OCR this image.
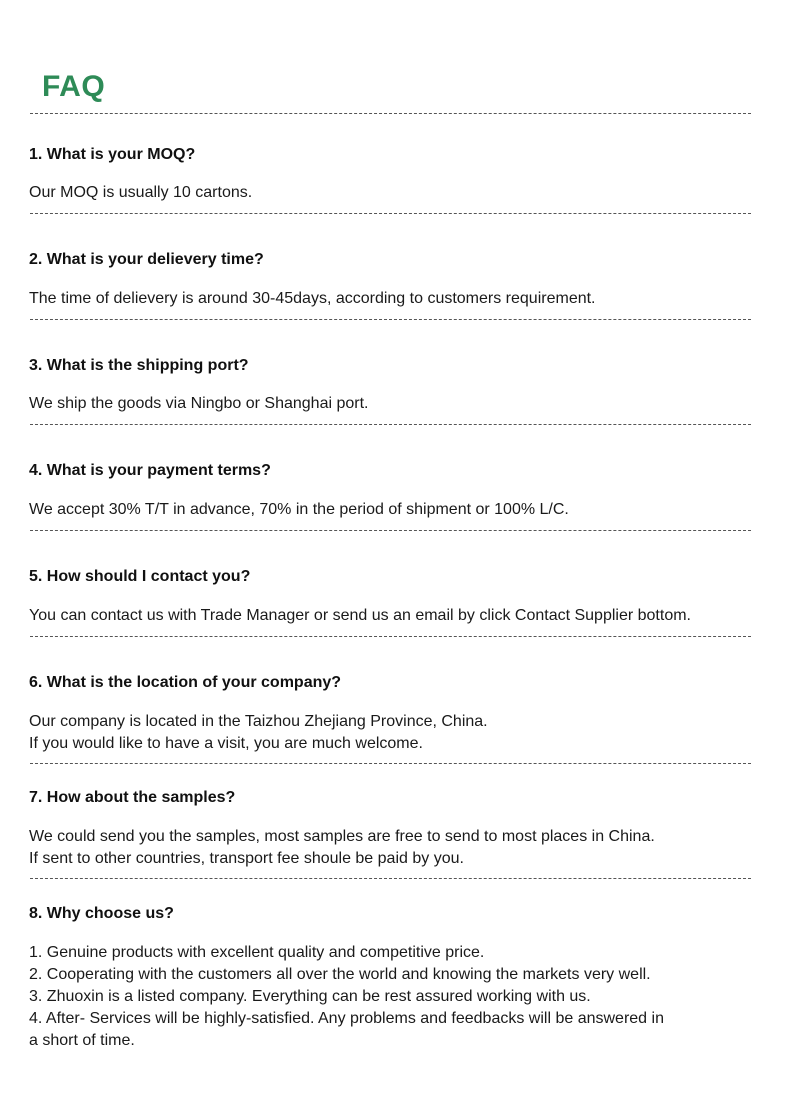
FAQ

1. What is your MOQ?

Our MOQ is usually 10 cartons.

2. What is your delievery time?

The time of delievery is around 30-45days, according to customers requirement.

3. What is the shipping port?

We ship the goods via Ningbo or Shanghai port.

4. What is your payment terms?

We accept 30% T/T in advance, 70% in the period of shipment or 100% L/C.

5. How should I contact you?

You can contact us with Trade Manager or send us an email by click Contact Supplier bottom.

6. What is the location of your company?

Our company is located in the Taizhou Zhejiang Province, China.
If you would like to have a visit, you are much welcome.

7. How about the samples?

We could send you the samples, most samples are free to send to most places in China.
If sent to other countries, transport fee shoule be paid by you.

8. Why choose us?

1. Genuine products with excellent quality and competitive price.
2. Cooperating with the customers all over the world and knowing the markets very well.
3. Zhuoxin is a listed company. Everything can be rest assured working with us.
4. After- Services will be highly-satisfied. Any problems and feedbacks will be answered in
a short of time.
